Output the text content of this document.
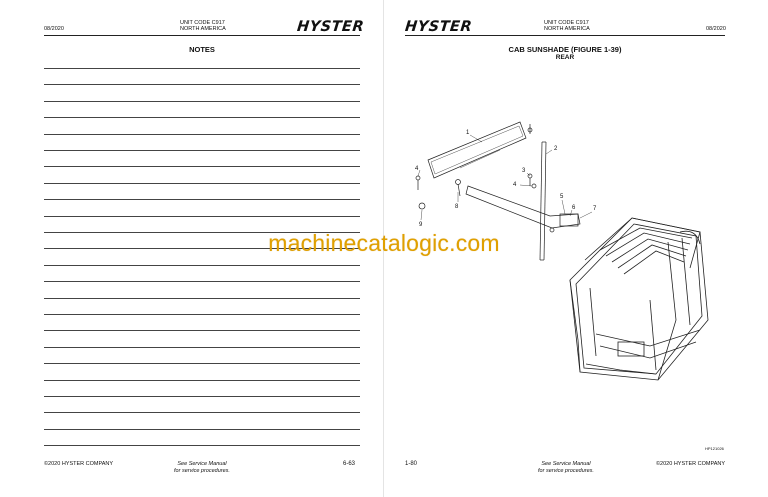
08/2020
UNIT CODE C917
NORTH AMERICA	HYSTER
NOTES
©2020 HYSTER COMPANY	See Service Manual
for service procedures.
6-63
HYSTER	UNIT CODE C917
NORTH AMERICA	08/2020
CAB SUNSHADE (FIGURE 1-39)
REAR
HP121026
1-80	See Service Manual
for service procedures.
©2020 HYSTER COMPANY
1
2
3
4
4
5
6	7
8
9
machinecatalogic.com
